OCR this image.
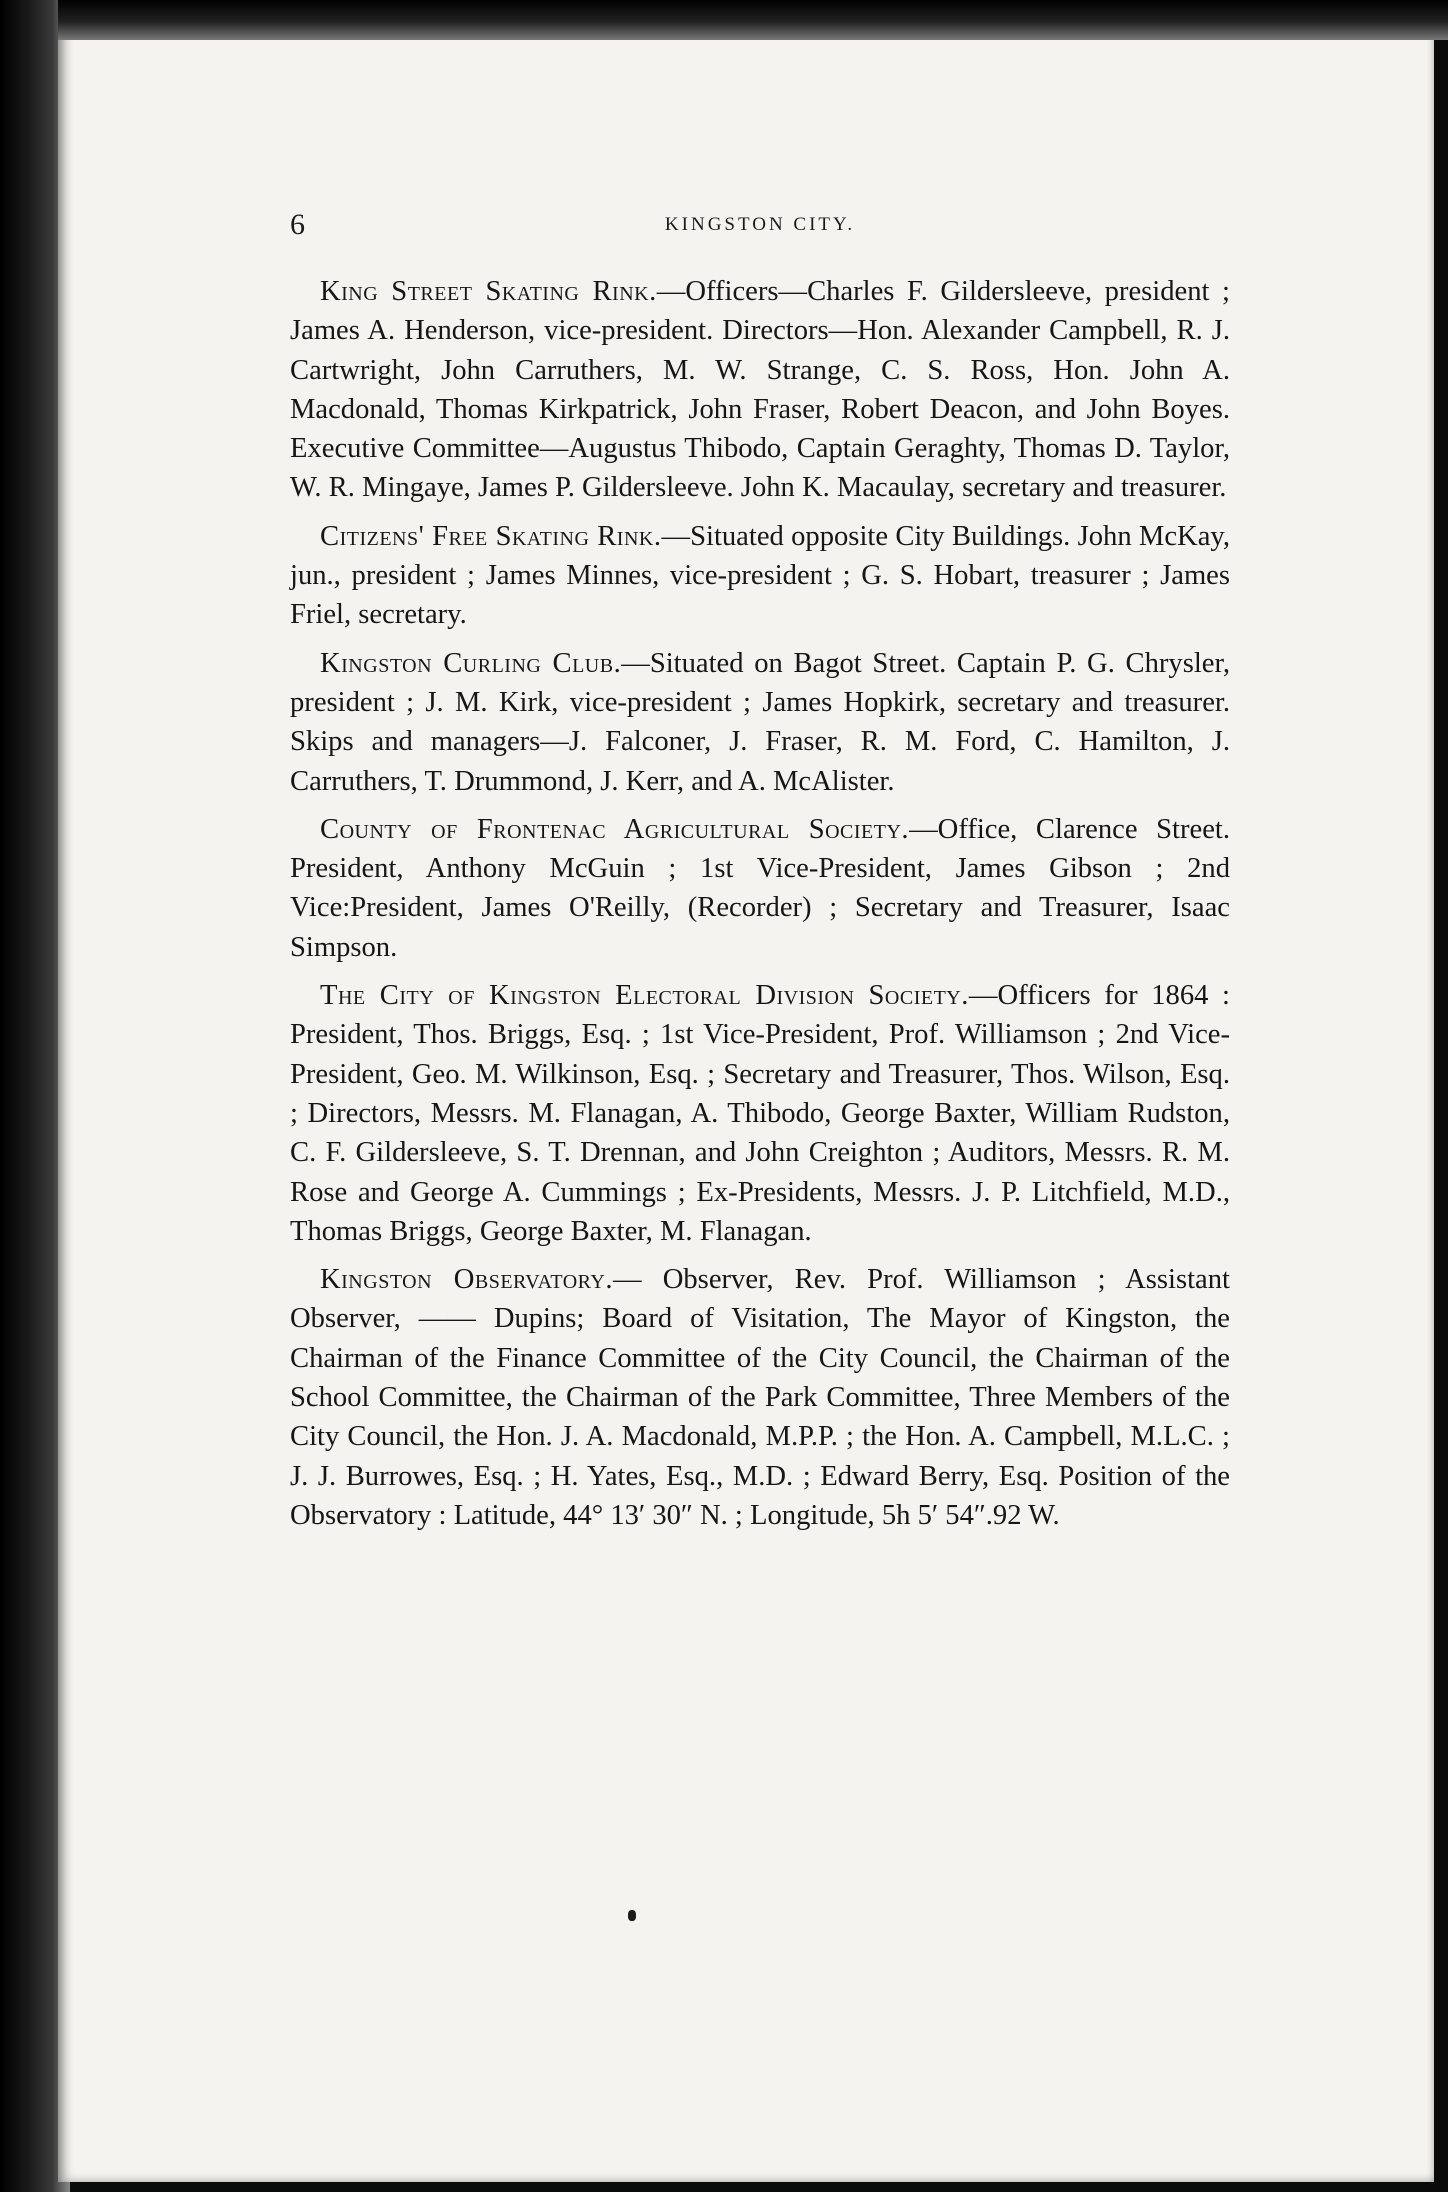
6	KINGSTON CITY.

King Street Skating Rink.—Officers—Charles F. Gildersleeve, president ; James A. Henderson, vice-president. Directors—Hon. Alexander Campbell, R. J. Cartwright, John Carruthers, M. W. Strange, C. S. Ross, Hon. John A. Macdonald, Thomas Kirkpatrick, John Fraser, Robert Deacon, and John Boyes. Executive Committee—Augustus Thibodo, Captain Geraghty, Thomas D. Taylor, W. R. Mingaye, James P. Gildersleeve. John K. Macaulay, secretary and treasurer.

Citizens' Free Skating Rink.—Situated opposite City Buildings. John McKay, jun., president ; James Minnes, vice-president ; G. S. Hobart, treasurer ; James Friel, secretary.

Kingston Curling Club.—Situated on Bagot Street. Captain P. G. Chrysler, president ; J. M. Kirk, vice-president ; James Hopkirk, secretary and treasurer. Skips and managers—J. Falconer, J. Fraser, R. M. Ford, C. Hamilton, J. Carruthers, T. Drummond, J. Kerr, and A. McAlister.

County of Frontenac Agricultural Society.—Office, Clarence Street. President, Anthony McGuin ; 1st Vice-President, James Gibson ; 2nd Vice:President, James O'Reilly, (Recorder) ; Secretary and Treasurer, Isaac Simpson.

The City of Kingston Electoral Division Society.—Officers for 1864 : President, Thos. Briggs, Esq. ; 1st Vice-President, Prof. Williamson ; 2nd Vice-President, Geo. M. Wilkinson, Esq. ; Secretary and Treasurer, Thos. Wilson, Esq. ; Directors, Messrs. M. Flanagan, A. Thibodo, George Baxter, William Rudston, C. F. Gildersleeve, S. T. Drennan, and John Creighton ; Auditors, Messrs. R. M. Rose and George A. Cummings ; Ex-Presidents, Messrs. J. P. Litchfield, M.D., Thomas Briggs, George Baxter, M. Flanagan.

Kingston Observatory.— Observer, Rev. Prof. Williamson ; Assistant Observer, —— Dupins; Board of Visitation, The Mayor of Kingston, the Chairman of the Finance Committee of the City Council, the Chairman of the School Committee, the Chairman of the Park Committee, Three Members of the City Council, the Hon. J. A. Macdonald, M.P.P. ; the Hon. A. Campbell, M.L.C. ; J. J. Burrowes, Esq. ; H. Yates, Esq., M.D. ; Edward Berry, Esq. Position of the Observatory : Latitude, 44° 13′ 30″ N. ; Longitude, 5h 5′ 54″.92 W.
